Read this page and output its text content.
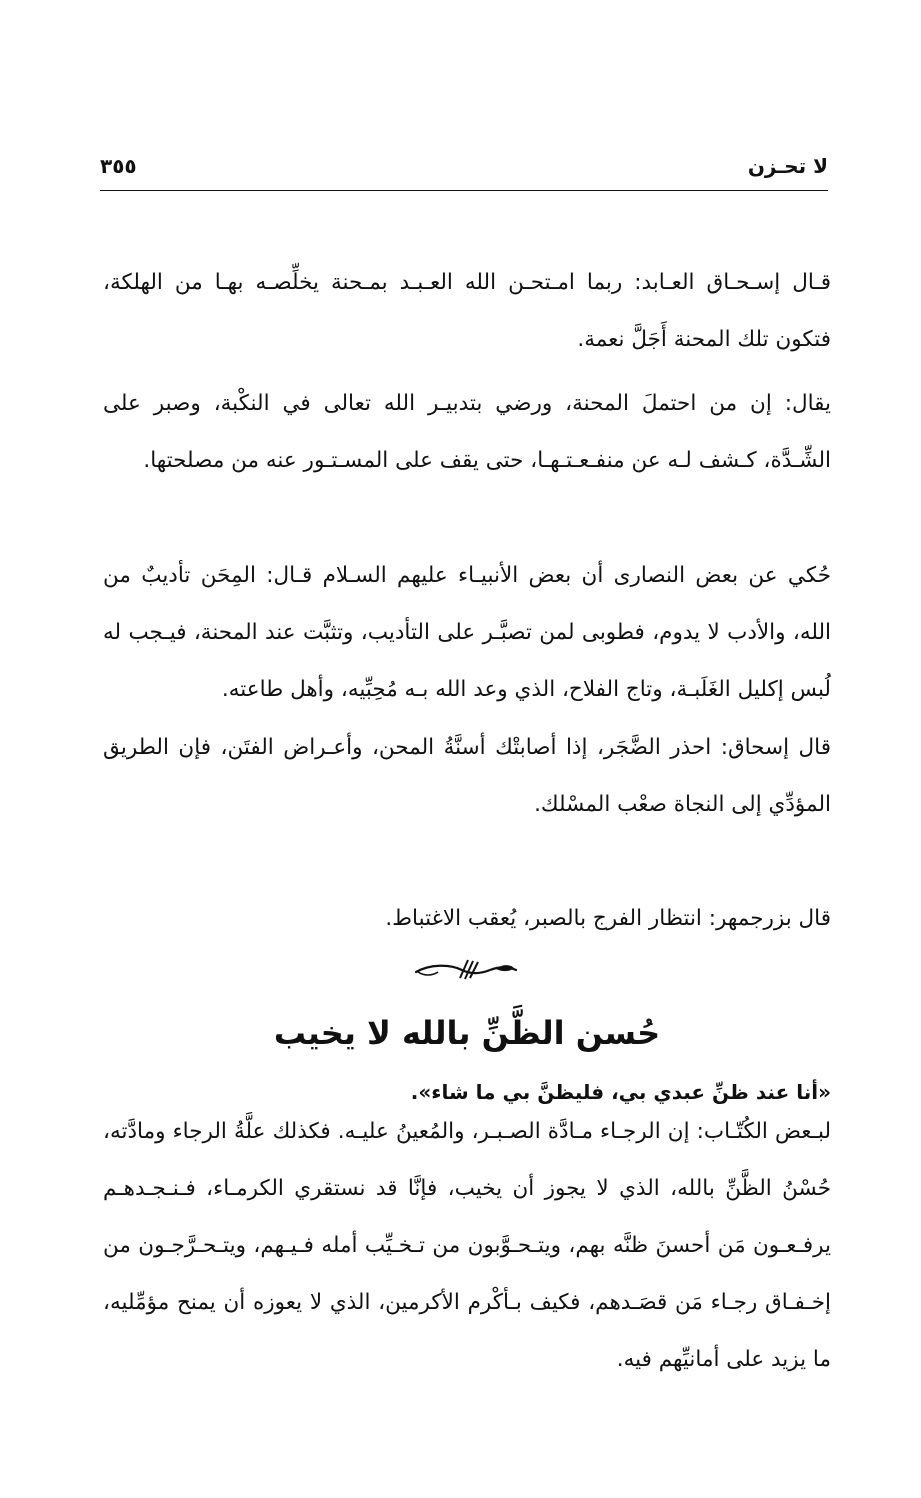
لا تحـزن
٣٥٥

قـال إسـحـاق العـابد: ربما امـتحـن الله العـبـد بمـحنة يخلِّصـه بهـا من الهلكة، فتكون تلك المحنة أَجَلَّ نعمة.

يقال: إن من احتملَ المحنة، ورضي بتدبيـر الله تعالى في النكْبة، وصبر على الشِّـدَّة، كـشف لـه عن منفـعـتـهـا، حتى يقف على المسـتـور عنه من مصلحتها.

حُكي عن بعض النصارى أن بعض الأنبيـاء عليهم السـلام قـال: المِحَن تأديبٌ من الله، والأدب لا يدوم، فطوبى لمن تصبَّـر على التأديب، وتثبَّت عند المحنة، فيـجب له لُبس إكليل الغَلَبـة، وتاج الفلاح، الذي وعد الله بـه مُحِبِّيه، وأهل طاعته.

قال إسحاق: احذر الضَّجَر، إذا أصابتْك أسنَّةُ المحن، وأعـراض الفتَن، فإن الطريق المؤدِّي إلى النجاة صعْب المسْلك.

قال بزرجمهر: انتظار الفرج بالصبر، يُعقب الاغتباط.

حُسن الظَّنِّ بالله لا يخيب

«أنا عند ظنِّ عبدي بي، فليظنَّ بي ما شاء».

لبـعض الكُتّـاب: إن الرجـاء مـادَّة الصـبـر، والمُعينُ عليـه. فكذلك علَّةُ الرجاء ومادَّته، حُسْنُ الظَّنِّ بالله، الذي لا يجوز أن يخيب، فإنَّا قد نستقري الكرمـاء، فـنـجـدهـم يرفـعـون مَن أحسنَ ظنَّه بهم، ويتـحـوَّبون من تـخـيِّب أمله فـيـهم، ويتـحـرَّجـون من إخـفـاق رجـاء مَن قصَـدهم، فكيف بـأكْرم الأكرمين، الذي لا يعوزه أن يمنح مؤمِّليه، ما يزيد على أمانيِّهم فيه.
